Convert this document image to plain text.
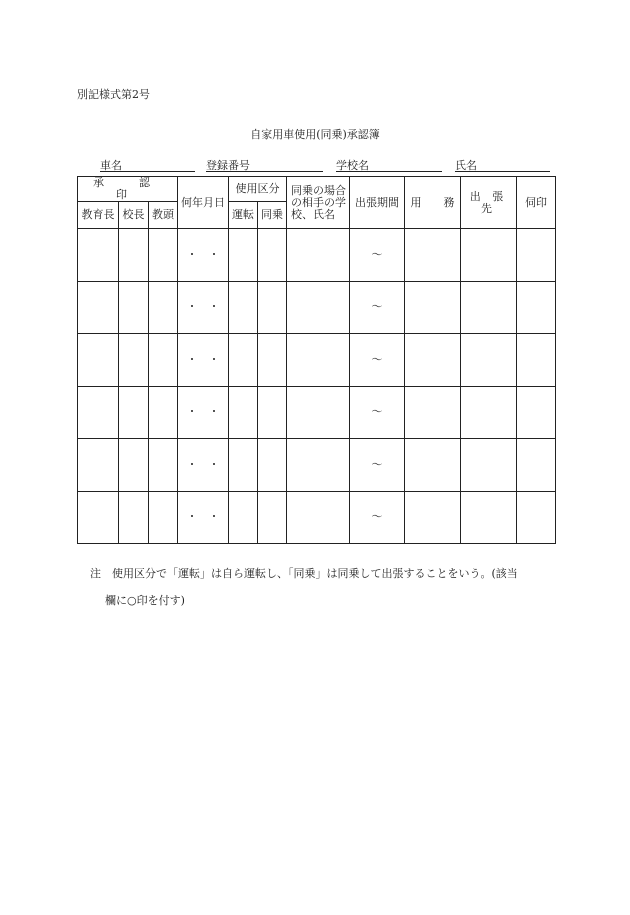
別記様式第2号
自家用車使用(同乗)承認簿
車名	登録番号	学校名	氏名
承　認　印			何年月日	使用区分		同乗の場合の相手の学校、氏名	出張期間	用　　務	出 張 先	伺印
教育長	校長	教頭		運転	同乗					
			・　・				～			
			・　・				～			
			・　・				～			
			・　・				～			
			・　・				～			
			・　・				～			
注　使用区分で「運転」は自ら運転し、「同乗」は同乗して出張することをいう。(該当
欄に○印を付す)
